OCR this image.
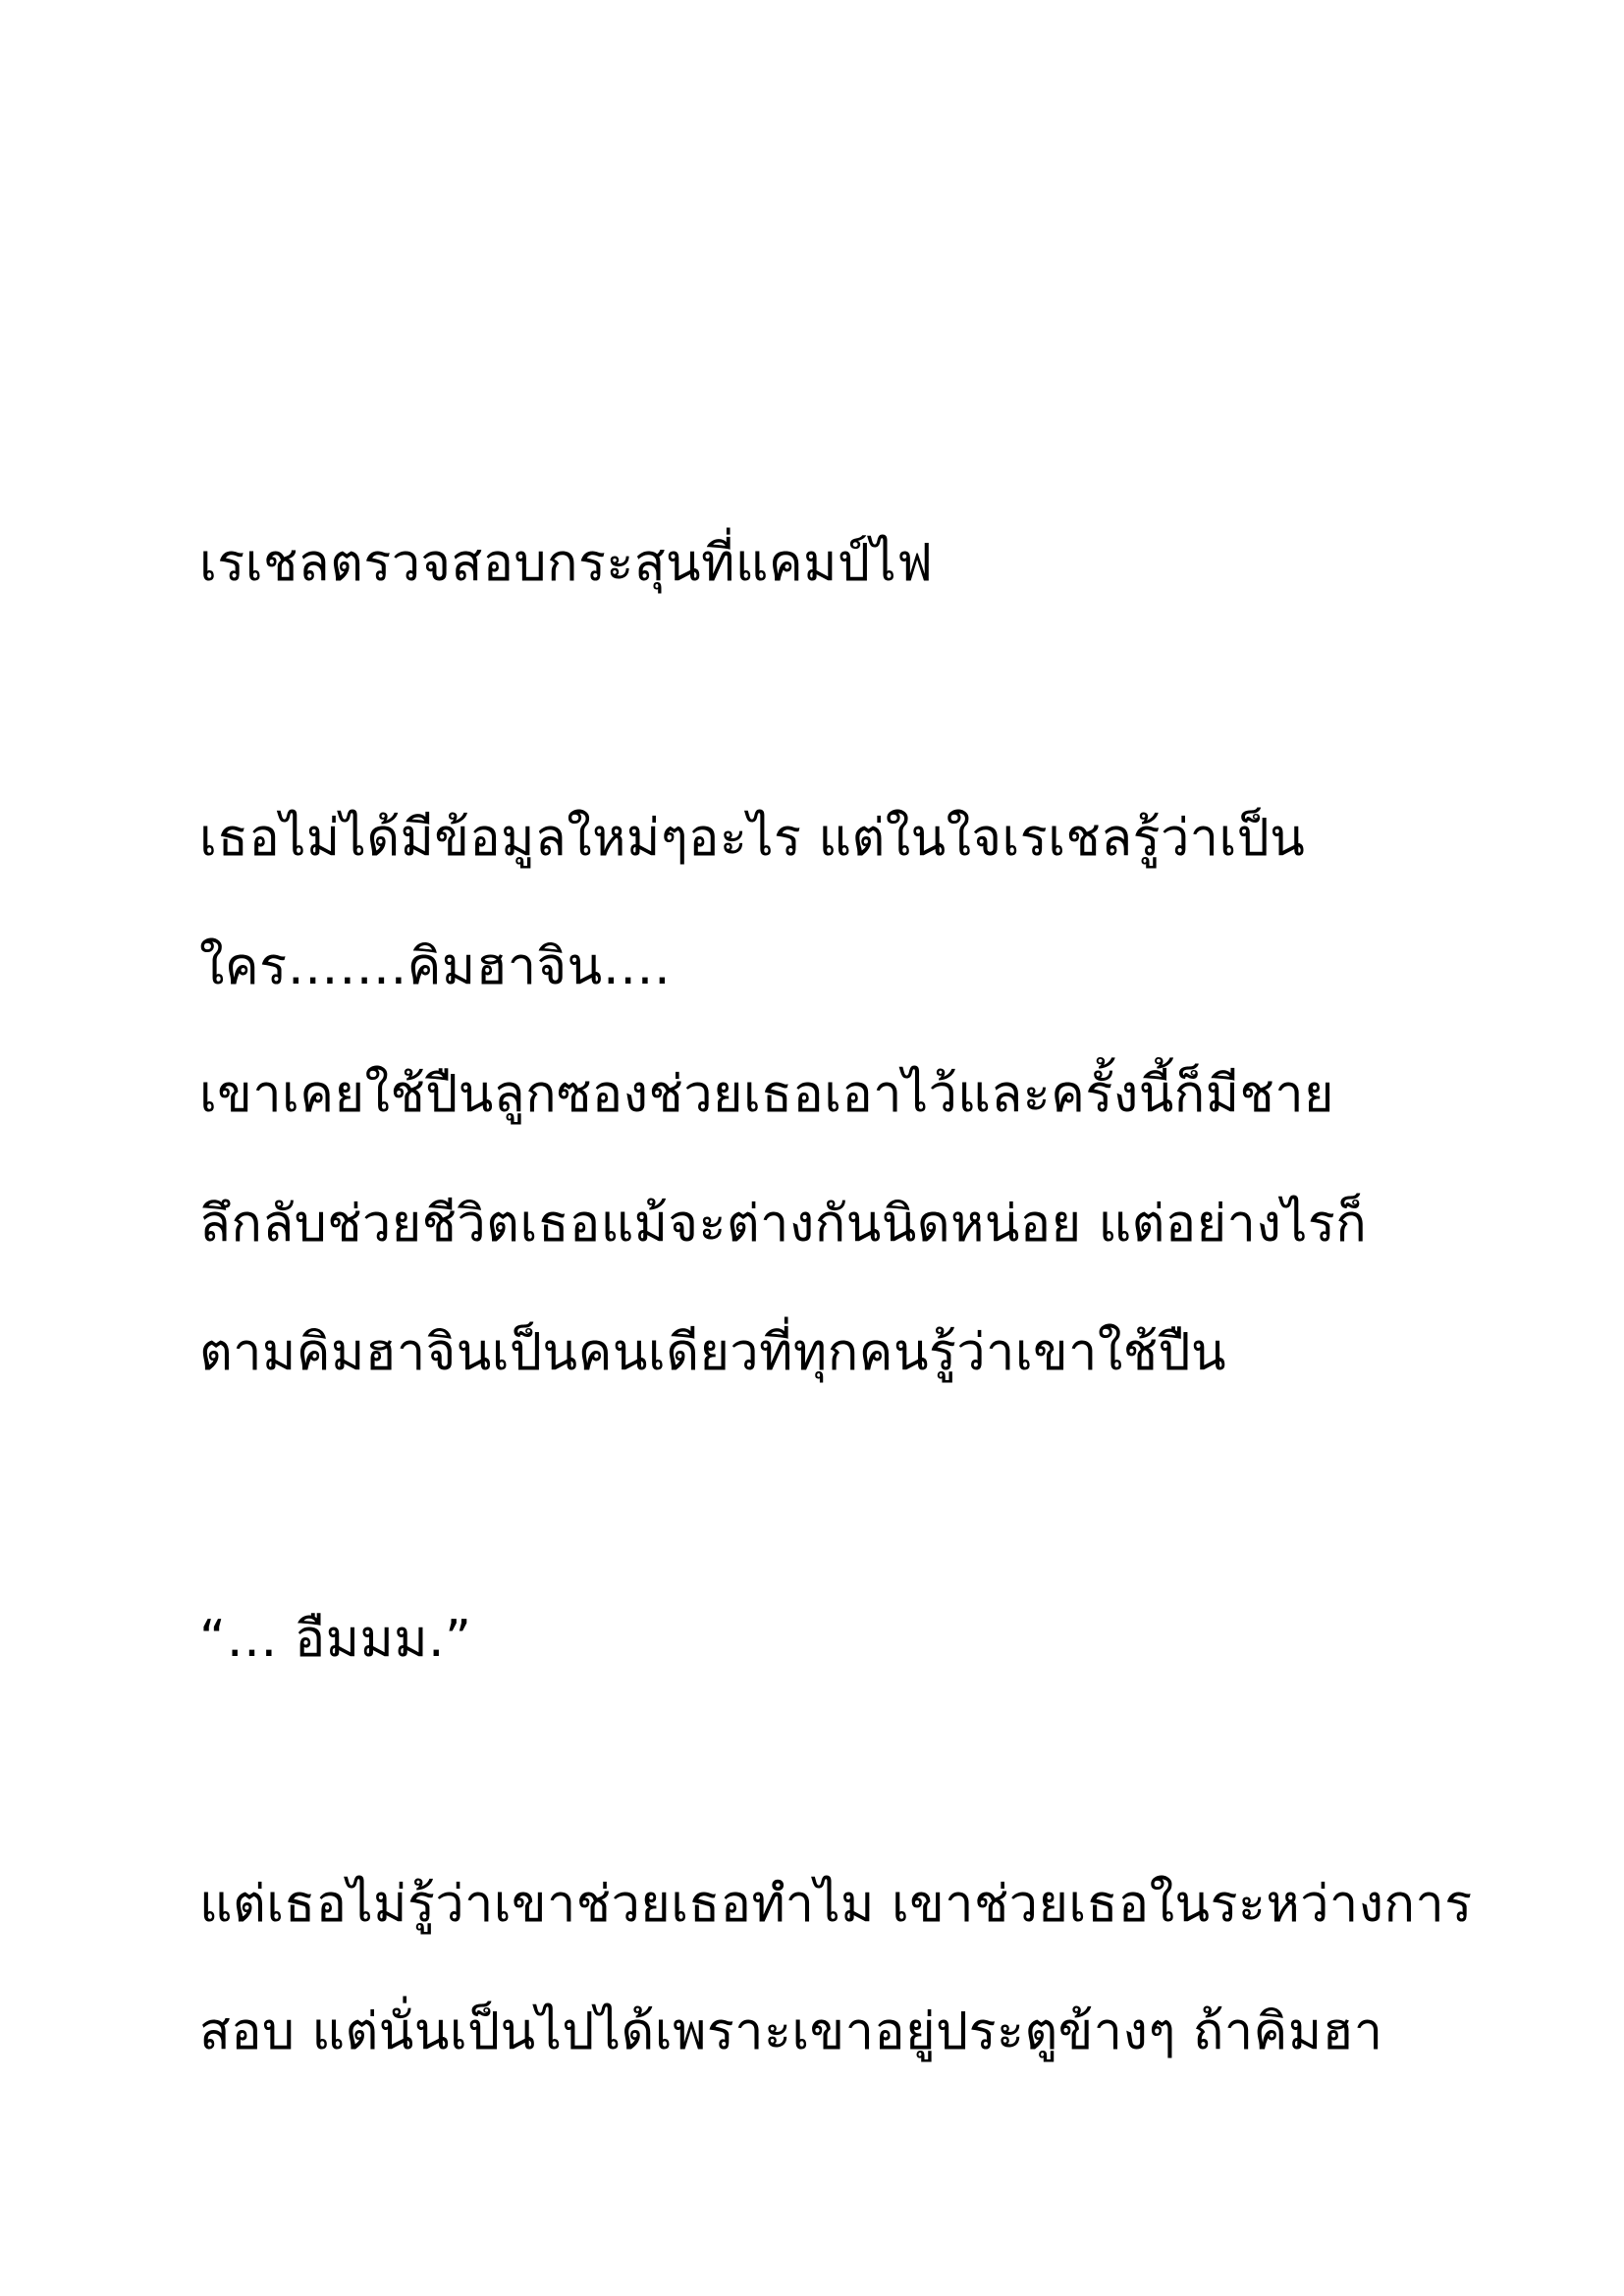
เรเชลตรวจสอบกระสุนที่แคมป์ไฟ

เธอไม่ได้มีข้อมูลใหม่ๆอะไร แต่ในใจเรเชลรู้ว่าเป็น

ใคร…….คิมฮาจิน….

เขาเคยใช้ปืนลูกซองช่วยเธอเอาไว้และครั้งนี้ก็มีชาย

ลึกลับช่วยชีวิตเธอแม้จะต่างกันนิดหน่อย แต่อย่างไรก็

ตามคิมฮาจินเป็นคนเดียวที่ทุกคนรู้ว่าเขาใช้ปืน

“… อืมมม.”

แต่เธอไม่รู้ว่าเขาช่วยเธอทำไม เขาช่วยเธอในระหว่างการ

สอบ แต่นั่นเป็นไปได้เพราะเขาอยู่ประตูข้างๆ ถ้าคิมฮา
